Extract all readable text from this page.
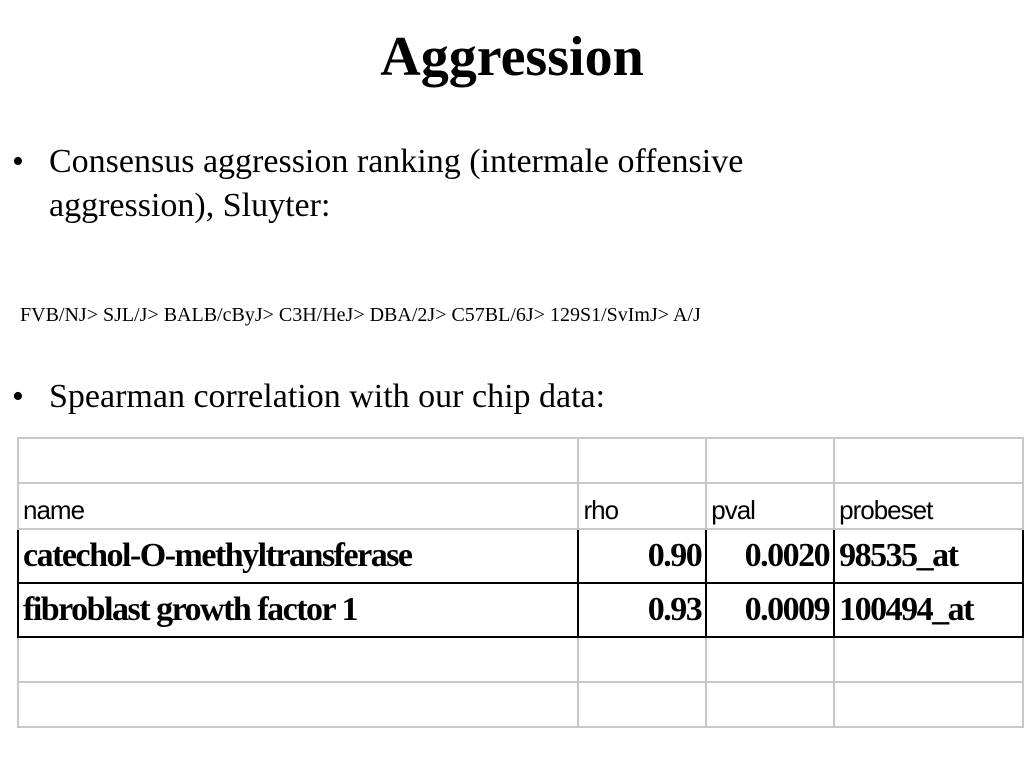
Aggression
• Consensus aggression ranking (intermale offensive aggression), Sluyter:
FVB/NJ> SJL/J> BALB/cByJ> C3H/HeJ> DBA/2J> C57BL/6J> 129S1/SvImJ> A/J
• Spearman correlation with our chip data:

name	rho	pval	probeset
catechol-O-methyltransferase	0.90	0.0020	98535_at
fibroblast growth factor 1	0.93	0.0009	100494_at
